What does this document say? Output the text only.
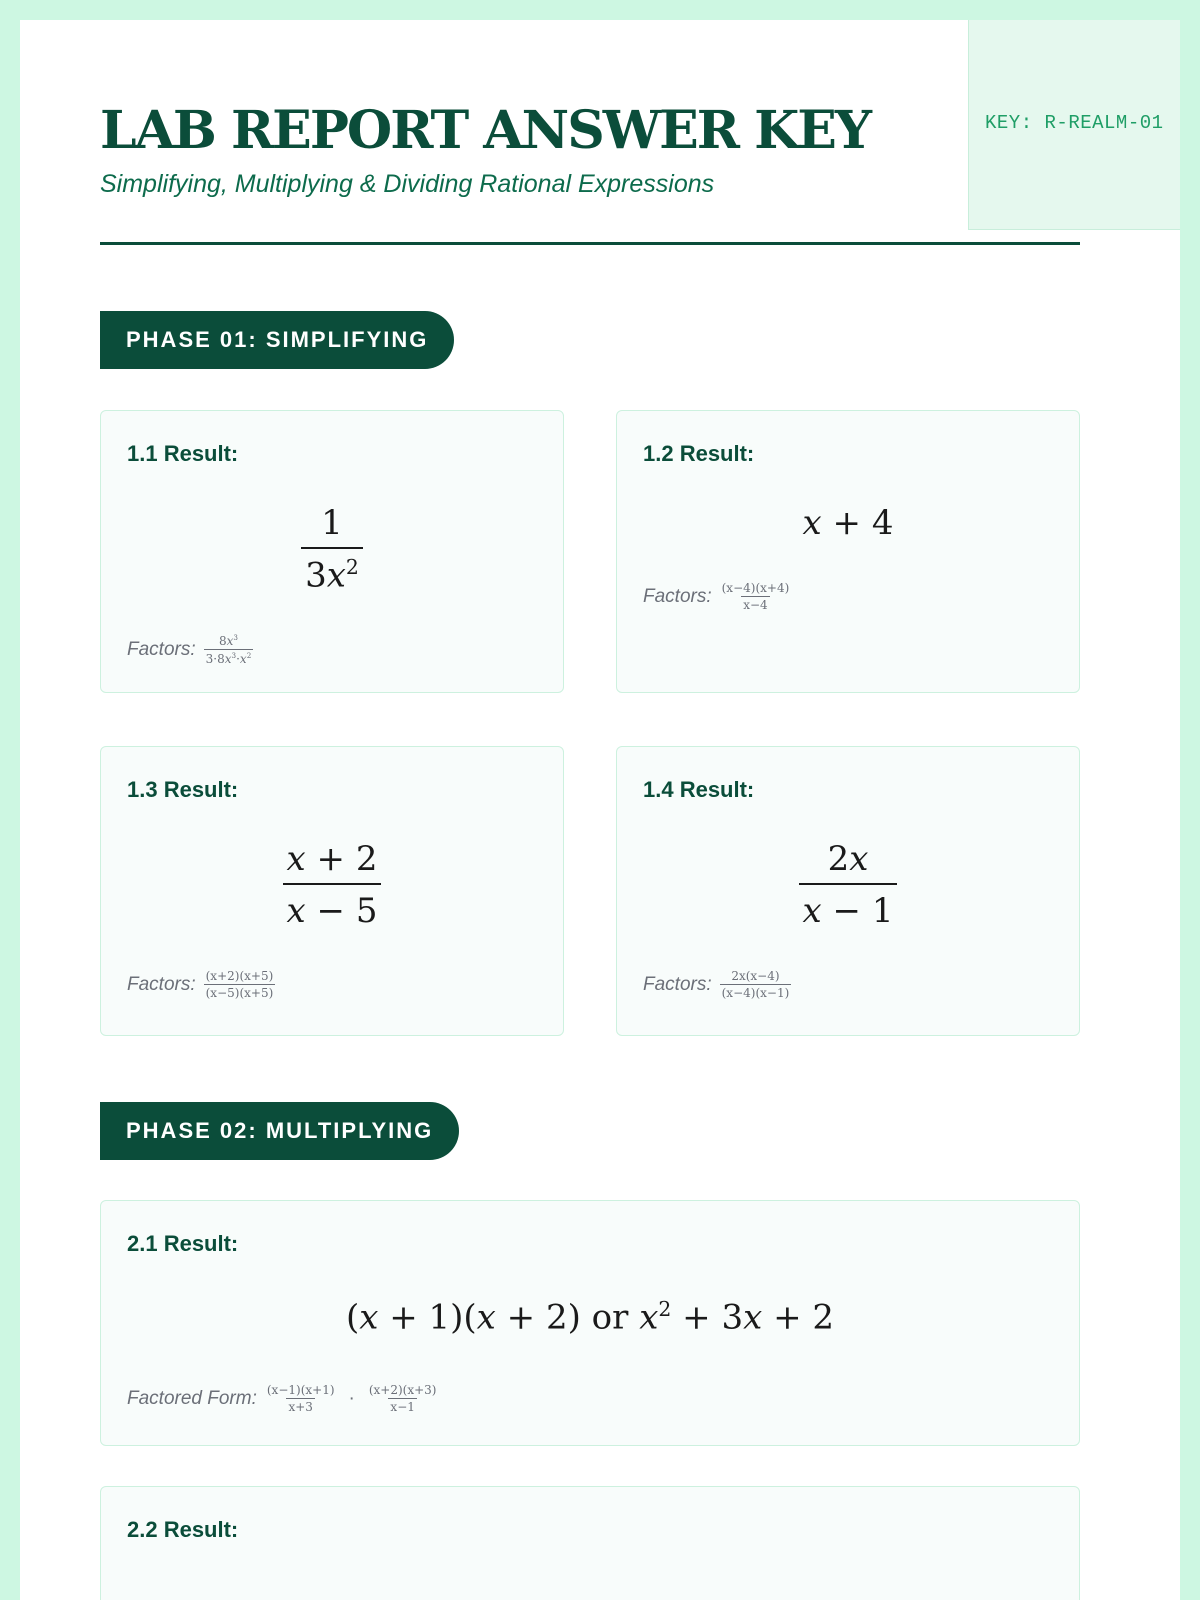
KEY: R-REALM-01
LAB REPORT ANSWER KEY
Simplifying, Multiplying & Dividing Rational Expressions
PHASE 01: SIMPLIFYING
1.1 Result:
$\frac{1}{3x^2}$
Factors: $\frac{8x^3}{3\cdot 8x^3\cdot x^2}$
1.2 Result:
x + 4
Factors: $\frac{(x-4)(x+4)}{x-4}$
1.3 Result:
$\frac{x + 2}{x - 5}$
Factors: $\frac{(x+2)(x+5)}{(x-5)(x+5)}$
1.4 Result:
$\frac{2x}{x - 1}$
Factors: $\frac{2x(x-4)}{(x-4)(x-1)}$
PHASE 02: MULTIPLYING
2.1 Result:
(x + 1)(x + 2) or $x^2 + 3x + 2$
Factored Form: $\frac{(x-1)(x+1)}{x+3}$ ·	$\frac{(x+2)(x+3)}{x-1}$
2.2 Result:
